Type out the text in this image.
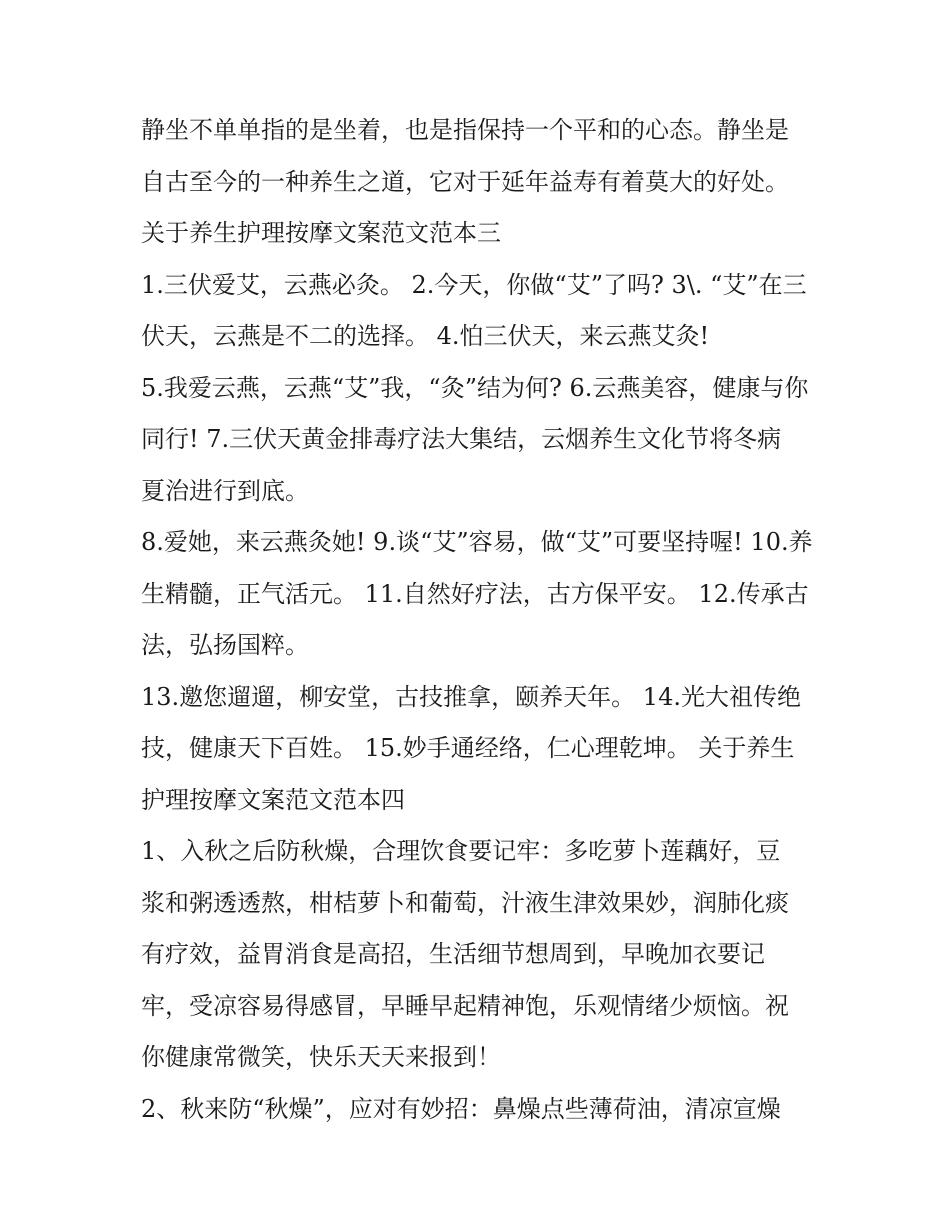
静坐不单单指的是坐着，也是指保持一个平和的心态。静坐是
自古至今的一种养生之道，它对于延年益寿有着莫大的好处。
关于养生护理按摩文案范文范本三
1.三伏爱艾，云燕必灸。 2.今天，你做“艾”了吗? 3\. “艾”在三
伏天，云燕是不二的选择。 4.怕三伏天，来云燕艾灸!
5.我爱云燕，云燕“艾”我，“灸”结为何? 6.云燕美容，健康与你
同行! 7.三伏天黄金排毒疗法大集结，云烟养生文化节将冬病
夏治进行到底。
8.爱她，来云燕灸她! 9.谈“艾”容易，做“艾”可要坚持喔! 10.养
生精髓，正气活元。 11.自然好疗法，古方保平安。 12.传承古
法，弘扬国粹。
13.邀您遛遛，柳安堂，古技推拿，颐养天年。 14.光大祖传绝
技，健康天下百姓。 15.妙手通经络，仁心理乾坤。 关于养生
护理按摩文案范文范本四
1、入秋之后防秋燥，合理饮食要记牢：多吃萝卜莲藕好，豆
浆和粥透透熬，柑桔萝卜和葡萄，汁液生津效果妙，润肺化痰
有疗效，益胃消食是高招，生活细节想周到，早晚加衣要记
牢，受凉容易得感冒，早睡早起精神饱，乐观情绪少烦恼。祝
你健康常微笑，快乐天天来报到！
2、秋来防“秋燥”，应对有妙招：鼻燥点些薄荷油，清凉宣燥
